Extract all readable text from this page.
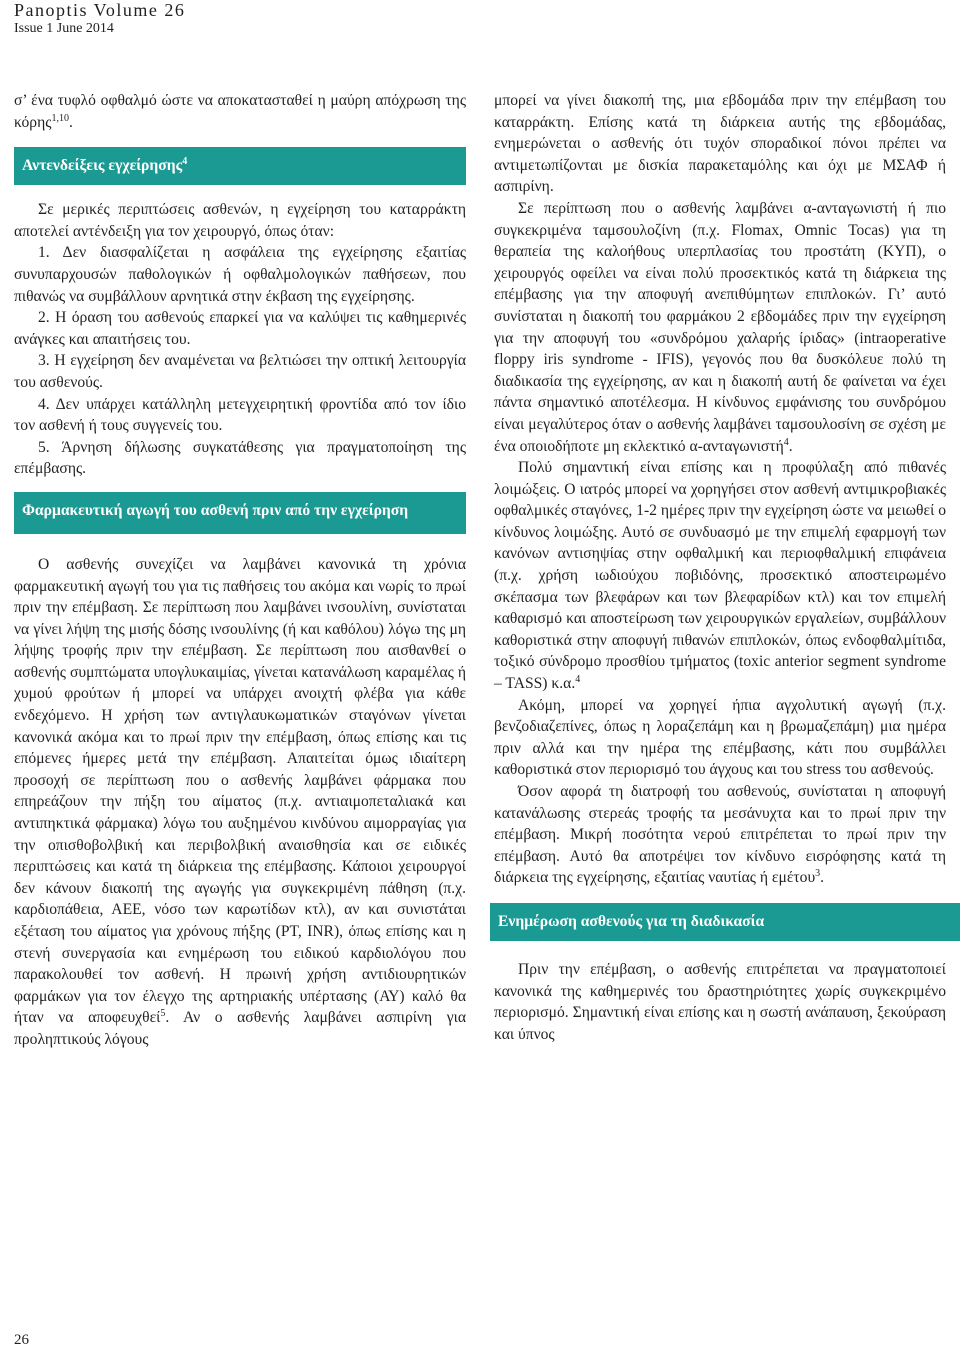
Panoptis Volume 26
Issue 1 June 2014

σ’ ένα τυφλό οφθαλμό ώστε να αποκατασταθεί η μαύρη απόχρωση της κόρης$^{1,10}$.

Αντενδείξεις εγχείρησης$^4$

Σε μερικές περιπτώσεις ασθενών, η εγχείρηση του καταρράκτη αποτελεί αντένδειξη για τον χειρουργό, όπως όταν:

1. Δεν διασφαλίζεται η ασφάλεια της εγχείρησης εξαιτίας συνυπαρχουσών παθολογικών ή οφθαλμολογικών παθήσεων, που πιθανώς να συμβάλλουν αρνητικά στην έκβαση της εγχείρησης.

2. Η όραση του ασθενούς επαρκεί για να καλύψει τις καθημερινές ανάγκες και απαιτήσεις του.

3. Η εγχείρηση δεν αναμένεται να βελτιώσει την οπτική λειτουργία του ασθενούς.

4. Δεν υπάρχει κατάλληλη μετεγχειρητική φροντίδα από τον ίδιο τον ασθενή ή τους συγγενείς του.

5. Άρνηση δήλωσης συγκατάθεσης για πραγματοποίηση της επέμβασης.

Φαρμακευτική αγωγή του ασθενή πριν από την εγχείρηση

Ο ασθενής συνεχίζει να λαμβάνει κανονικά τη χρόνια φαρμακευτική αγωγή του για τις παθήσεις του ακόμα και νωρίς το πρωί πριν την επέμβαση. Σε περίπτωση που λαμβάνει ινσουλίνη, συνίσταται να γίνει λήψη της μισής δόσης ινσουλίνης (ή και καθόλου) λόγω της μη λήψης τροφής πριν την επέμβαση. Σε περίπτωση που αισθανθεί ο ασθενής συμπτώματα υπογλυκαιμίας, γίνεται κατανάλωση καραμέλας ή χυμού φρούτων ή μπορεί να υπάρχει ανοιχτή φλέβα για κάθε ενδεχόμενο. Η χρήση των αντιγλαυκωματικών σταγόνων γίνεται κανονικά ακόμα και το πρωί πριν την επέμβαση, όπως επίσης και τις επόμενες ήμερες μετά την επέμβαση. Απαιτείται όμως ιδιαίτερη προσοχή σε περίπτωση που ο ασθενής λαμβάνει φάρμακα που επηρεάζουν την πήξη του αίματος (π.χ. αντιαιμοπεταλιακά και αντιπηκτικά φάρμακα) λόγω του αυξημένου κινδύνου αιμορραγίας για την οπισθοβολβική και περιβολβική αναισθησία και σε ειδικές περιπτώσεις και κατά τη διάρκεια της επέμβασης. Κάποιοι χειρουργοί δεν κάνουν διακοπή της αγωγής για συγκεκριμένη πάθηση (π.χ. καρδιοπάθεια, ΑΕΕ, νόσο των καρωτίδων κτλ), αν και συνιστάται εξέταση του αίματος για χρόνους πήξης (PT, INR), όπως επίσης και η στενή συνεργασία και ενημέρωση του ειδικού καρδιολόγου που παρακολουθεί τον ασθενή. Η πρωινή χρήση αντιδιουρητικών φαρμάκων για τον έλεγχο της αρτηριακής υπέρτασης (ΑΥ) καλό θα ήταν να αποφευχθεί$^5$. Αν ο ασθενής λαμβάνει ασπιρίνη για προληπτικούς λόγους

μπορεί να γίνει διακοπή της, μια εβδομάδα πριν την επέμβαση του καταρράκτη. Επίσης κατά τη διάρκεια αυτής της εβδομάδας, ενημερώνεται ο ασθενής ότι τυχόν σποραδικοί πόνοι πρέπει να αντιμετωπίζονται με δισκία παρακεταμόλης και όχι με ΜΣΑΦ ή ασπιρίνη.

Σε περίπτωση που ο ασθενής λαμβάνει α-ανταγωνιστή ή πιο συγκεκριμένα ταμσουλοζίνη (π.χ. Flomax, Omnic Tocas) για τη θεραπεία της καλοήθους υπερπλασίας του προστάτη (ΚΥΠ), ο χειρουργός οφείλει να είναι πολύ προσεκτικός κατά τη διάρκεια της επέμβασης για την αποφυγή ανεπιθύμητων επιπλοκών. Γι’ αυτό συνίσταται η διακοπή του φαρμάκου 2 εβδομάδες πριν την εγχείρηση για την αποφυγή του «συνδρόμου χαλαρής ίριδας» (intraoperative floppy iris syndrome - IFIS), γεγονός που θα δυσκόλευε πολύ τη διαδικασία της εγχείρησης, αν και η διακοπή αυτή δε φαίνεται να έχει πάντα σημαντικό αποτέλεσμα. Η κίνδυνος εμφάνισης του συνδρόμου είναι μεγαλύτερος όταν ο ασθενής λαμβάνει ταμσουλοσίνη σε σχέση με ένα οποιοδήποτε μη εκλεκτικό α-ανταγωνιστή$^4$.

Πολύ σημαντική είναι επίσης και η προφύλαξη από πιθανές λοιμώξεις. Ο ιατρός μπορεί να χορηγήσει στον ασθενή αντιμικροβιακές οφθαλμικές σταγόνες, 1-2 ημέρες πριν την εγχείρηση ώστε να μειωθεί ο κίνδυνος λοιμώξης. Αυτό σε συνδυασμό με την επιμελή εφαρμογή των κανόνων αντισηψίας στην οφθαλμική και περιοφθαλμική επιφάνεια (π.χ. χρήση ιωδιούχου ποβιδόνης, προσεκτικό αποστειρωμένο σκέπασμα των βλεφάρων και των βλεφαρίδων κτλ) και τον επιμελή καθαρισμό και αποστείρωση των χειρουργικών εργαλείων, συμβάλλουν καθοριστικά στην αποφυγή πιθανών επιπλοκών, όπως ενδοφθαλμίτιδα, τοξικό σύνδρομο προσθίου τμήματος (toxic anterior segment syndrome – TASS) κ.α.$^4$

Ακόμη, μπορεί να χορηγεί ήπια αγχολυτική αγωγή (π.χ. βενζοδιαζεπίνες, όπως η λοραζεπάμη και η βρωμαζεπάμη) μια ημέρα πριν αλλά και την ημέρα της επέμβασης, κάτι που συμβάλλει καθοριστικά στον περιορισμό του άγχους και του stress του ασθενούς.

Όσον αφορά τη διατροφή του ασθενούς, συνίσταται η αποφυγή κατανάλωσης στερεάς τροφής τα μεσάνυχτα και το πρωί πριν την επέμβαση. Μικρή ποσότητα νερού επιτρέπεται το πρωί πριν την επέμβαση. Αυτό θα αποτρέψει τον κίνδυνο εισρόφησης κατά τη διάρκεια της εγχείρησης, εξαιτίας ναυτίας ή εμέτου$^3$.

Ενημέρωση ασθενούς για τη διαδικασία

Πριν την επέμβαση, ο ασθενής επιτρέπεται να πραγματοποιεί κανονικά της καθημερινές του δραστηριότητες χωρίς συγκεκριμένο περιορισμό. Σημαντική είναι επίσης και η σωστή ανάπαυση, ξεκούραση και ύπνος

26
